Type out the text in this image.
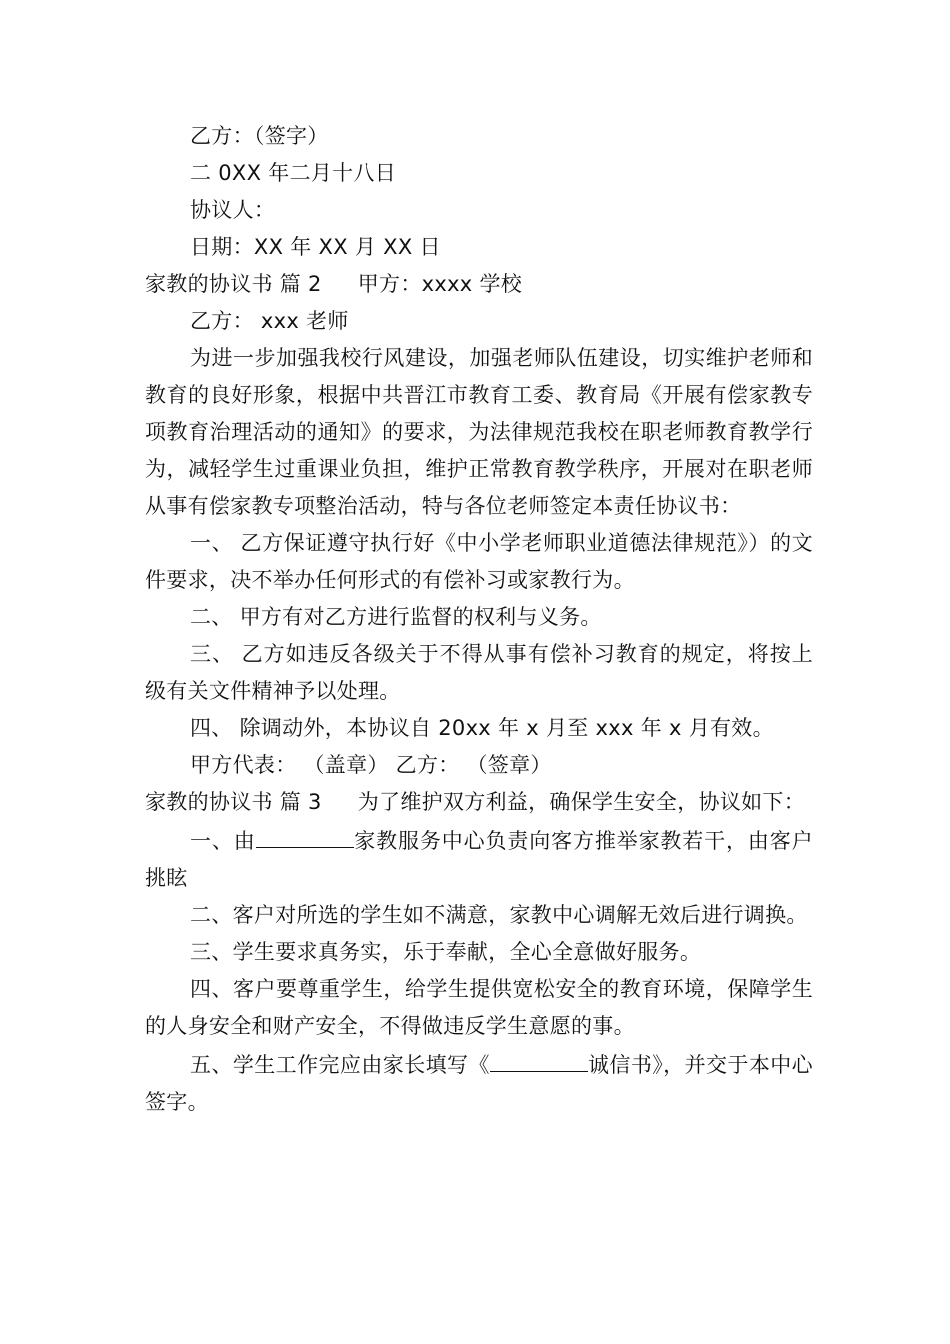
乙方：（签字）
二 0XX 年二月十八日
协议人：
日期：XX 年 XX 月 XX 日
家教的协议书 篇 2 甲方：xxxx 学校
乙方： xxx 老师
为进一步加强我校行风建设，加强老师队伍建设，切实维护老师和教育的良好形象，根据中共晋江市教育工委、教育局《开展有偿家教专项教育治理活动的通知》的要求，为法律规范我校在职老师教育教学行为，减轻学生过重课业负担，维护正常教育教学秩序，开展对在职老师从事有偿家教专项整治活动，特与各位老师签定本责任协议书：
一、 乙方保证遵守执行好《中小学老师职业道德法律规范》）的文件要求，决不举办任何形式的有偿补习或家教行为。
二、 甲方有对乙方进行监督的权利与义务。
三、 乙方如违反各级关于不得从事有偿补习教育的规定，将按上级有关文件精神予以处理。
四、 除调动外，本协议自 20xx 年 x 月至 xxx 年 x 月有效。
甲方代表： （盖章） 乙方： （签章）
家教的协议书 篇 3 为了维护双方利益，确保学生安全，协议如下：
一、由	家教服务中心负责向客方推举家教若干，由客户挑眩
二、客户对所选的学生如不满意，家教中心调解无效后进行调换。
三、学生要求真务实，乐于奉献，全心全意做好服务。
四、客户要尊重学生，给学生提供宽松安全的教育环境，保障学生的人身安全和财产安全，不得做违反学生意愿的事。
五、学生工作完应由家长填写《	诚信书》，并交于本中心签字。
